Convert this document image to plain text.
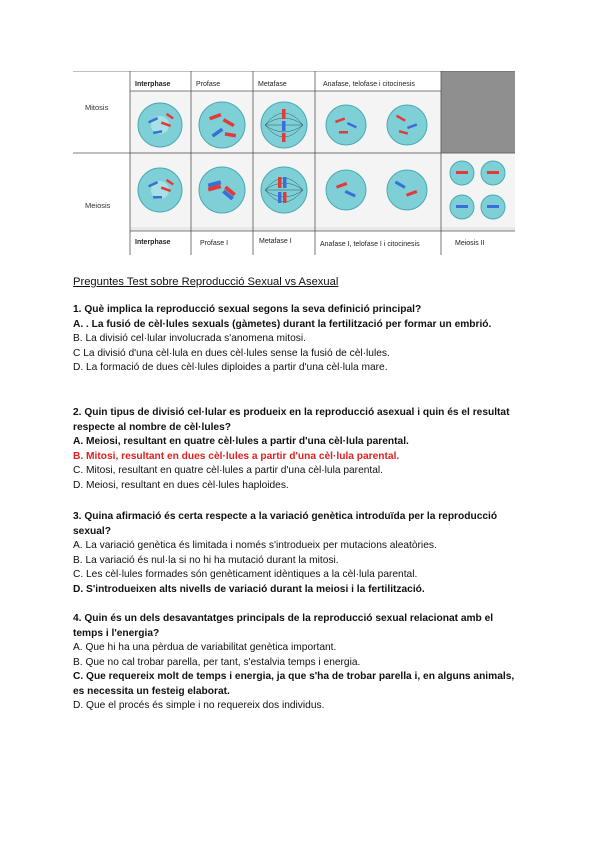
Mitosis
Meiosis
Interphase	Profase	Metafase	Anafase, telofase i citocinesis
Interphase	Profase I	Metafase I	Anafase I, telofase I i citocinesis	Meiosis II
Preguntes Test sobre Reproducció Sexual vs Asexual

1. Què implica la reproducció sexual segons la seva definició principal?

A. . La fusió de cèl·lules sexuals (gàmetes) durant la fertilització per formar un embrió.

B. La divisió cel·lular involucrada s'anomena mitosi.

C La divisió d'una cèl·lula en dues cèl·lules sense la fusió de cèl·lules.

D. La formació de dues cèl·lules diploides a partir d'una cèl·lula mare.

2. Quin tipus de divisió cel·lular es produeix en la reproducció asexual i quin és el resultat respecte al nombre de cèl·lules?

A. Meiosi, resultant en quatre cèl·lules a partir d'una cèl·lula parental.

B. Mitosi, resultant en dues cèl·lules a partir d'una cèl·lula parental.

C. Mitosi, resultant en quatre cèl·lules a partir d'una cèl·lula parental.

D. Meiosi, resultant en dues cèl·lules haploides.

3. Quina afirmació és certa respecte a la variació genètica introduïda per la reproducció sexual?

A. La variació genètica és limitada i només s'introdueix per mutacions aleatòries.

B. La variació és nul·la si no hi ha mutació durant la mitosi.

C. Les cèl·lules formades són genèticament idèntiques a la cèl·lula parental.

D. S'introdueixen alts nivells de variació durant la meiosi i la fertilització.

4. Quin és un dels desavantatges principals de la reproducció sexual relacionat amb el temps i l'energia?

A. Que hi ha una pèrdua de variabilitat genètica important.

B. Que no cal trobar parella, per tant, s'estalvia temps i energia.

C. Que requereix molt de temps i energia, ja que s'ha de trobar parella i, en alguns animals, es necessita un festeig elaborat.

D. Que el procés és simple i no requereix dos individus.
